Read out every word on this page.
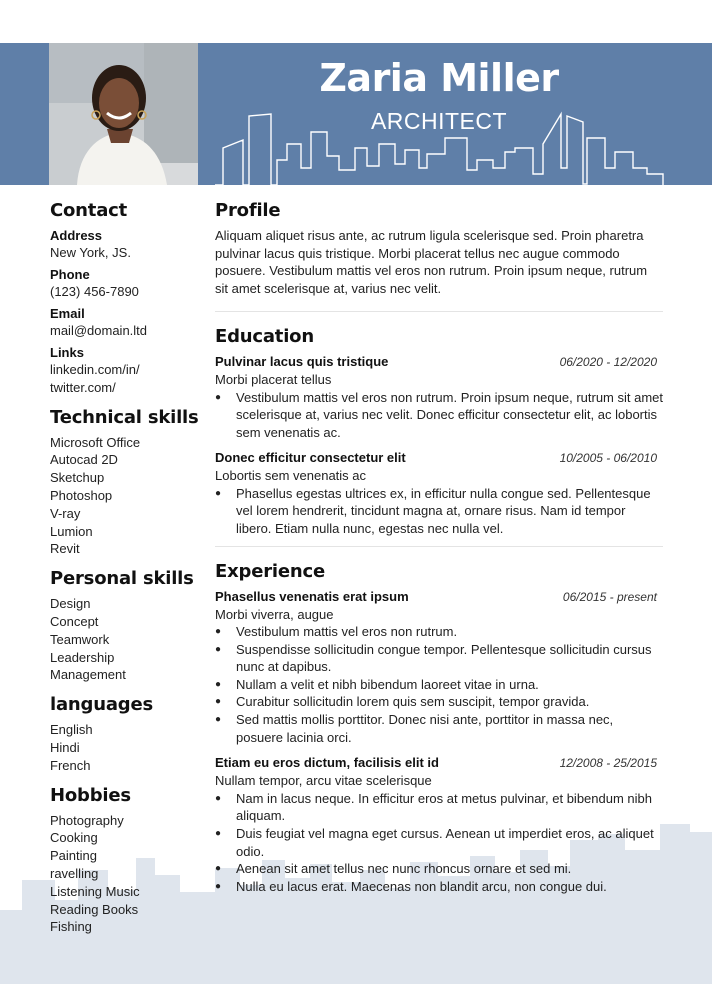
Zaria Miller
ARCHITECT
Contact
Address
New York, JS.
Phone
(123) 456-7890
Email
mail@domain.ltd
Links
linkedin.com/in/
twitter.com/
Technical skills
Microsoft Office
Autocad 2D
Sketchup
Photoshop
V-ray
Lumion
Revit
Personal skills
Design
Concept
Teamwork
Leadership
Management
languages
English
Hindi
French
Hobbies
Photography
Cooking
Painting
ravelling
Listening Music
Reading Books
Fishing
Profile

Aliquam aliquet risus ante, ac rutrum ligula scelerisque sed. Proin pharetra pulvinar lacus quis tristique. Morbi placerat tellus nec augue commodo posuere. Vestibulum mattis vel eros non rutrum. Proin ipsum neque, rutrum sit amet scelerisque at, varius nec velit.

Education
Pulvinar lacus quis tristique	06/2020 - 12/2020
Morbi placerat tellus
● Vestibulum mattis vel eros non rutrum. Proin ipsum neque, rutrum sit amet scelerisque at, varius nec velit. Donec efficitur consectetur elit, ac lobortis sem venenatis ac.
Donec efficitur consectetur elit	10/2005 - 06/2010
Lobortis sem venenatis ac
● Phasellus egestas ultrices ex, in efficitur nulla congue sed. Pellentesque vel lorem hendrerit, tincidunt magna at, ornare risus. Nam id tempor libero. Etiam nulla nunc, egestas nec nulla vel.
Experience
Phasellus venenatis erat ipsum	06/2015 - present
Morbi viverra, augue
● Vestibulum mattis vel eros non rutrum.
● Suspendisse sollicitudin congue tempor. Pellentesque sollicitudin cursus nunc at dapibus.
● Nullam a velit et nibh bibendum laoreet vitae in urna.
● Curabitur sollicitudin lorem quis sem suscipit, tempor gravida.
● Sed mattis mollis porttitor. Donec nisi ante, porttitor in massa nec, posuere lacinia orci.
Etiam eu eros dictum, facilisis elit id	12/2008 - 25/2015
Nullam tempor, arcu vitae scelerisque
● Nam in lacus neque. In efficitur eros at metus pulvinar, et bibendum nibh aliquam.
● Duis feugiat vel magna eget cursus. Aenean ut imperdiet eros, ac aliquet odio.
● Aenean sit amet tellus nec nunc rhoncus ornare et sed mi.
● Nulla eu lacus erat. Maecenas non blandit arcu, non congue dui.
